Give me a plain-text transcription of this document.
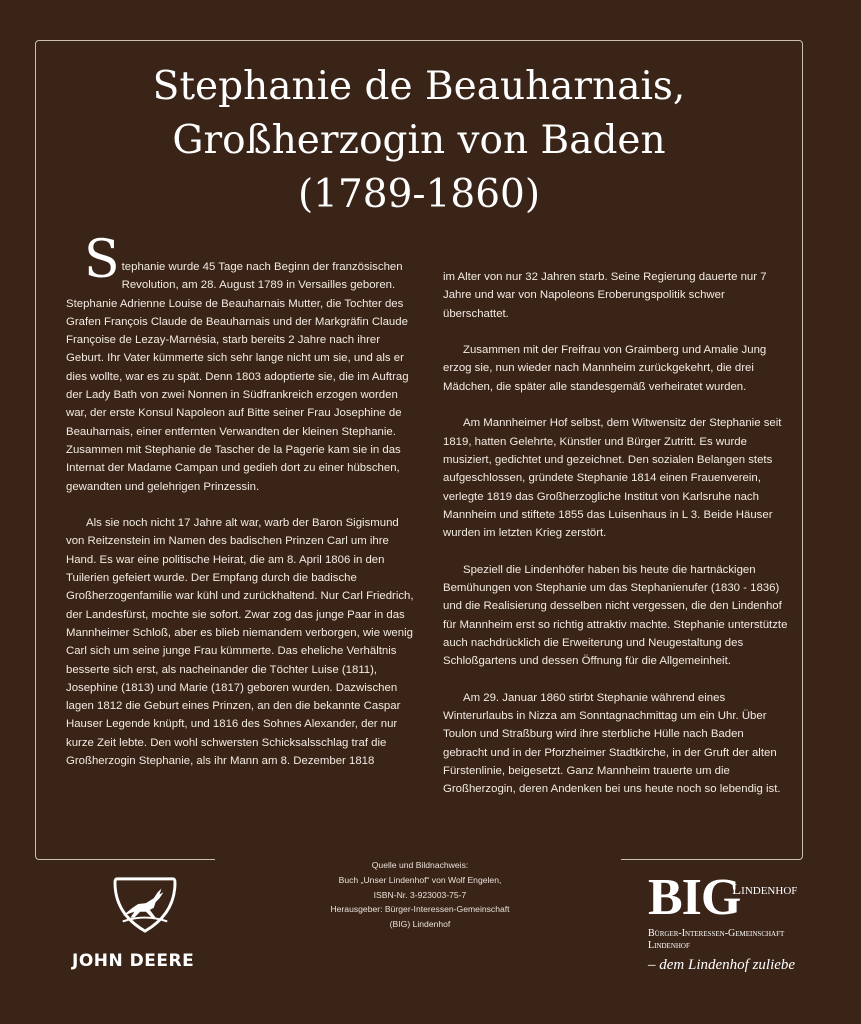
Stephanie de Beauharnais,
Großherzogin von Baden
(1789-1860)

Stephanie wurde 45 Tage nach Beginn der französischen Revolution, am 28. August 1789 in Versailles geboren. Stephanie Adrienne Louise de Beauharnais Mutter, die Tochter des Grafen François Claude de Beauharnais und der Markgräfin Claude Françoise de Lezay-Marnésia, starb bereits 2 Jahre nach ihrer Geburt. Ihr Vater kümmerte sich sehr lange nicht um sie, und als er dies wollte, war es zu spät. Denn 1803 adoptierte sie, die im Auftrag der Lady Bath von zwei Nonnen in Südfrankreich erzogen worden war, der erste Konsul Napoleon auf Bitte seiner Frau Josephine de Beauharnais, einer entfernten Verwandten der kleinen Stephanie. Zusammen mit Stephanie de Tascher de la Pagerie kam sie in das Internat der Madame Campan und gedieh dort zu einer hübschen, gewandten und gelehrigen Prinzessin.

Als sie noch nicht 17 Jahre alt war, warb der Baron Sigismund von Reitzenstein im Namen des badischen Prinzen Carl um ihre Hand. Es war eine politische Heirat, die am 8. April 1806 in den Tuilerien gefeiert wurde. Der Empfang durch die badische Großherzogenfamilie war kühl und zurückhaltend. Nur Carl Friedrich, der Landesfürst, mochte sie sofort. Zwar zog das junge Paar in das Mannheimer Schloß, aber es blieb niemandem verborgen, wie wenig Carl sich um seine junge Frau kümmerte. Das eheliche Verhältnis besserte sich erst, als nacheinander die Töchter Luise (1811), Josephine (1813) und Marie (1817) geboren wurden. Dazwischen lagen 1812 die Geburt eines Prinzen, an den die bekannte Caspar Hauser Legende knüpft, und 1816 des Sohnes Alexander, der nur kurze Zeit lebte. Den wohl schwersten Schicksalsschlag traf die Großherzogin Stephanie, als ihr Mann am 8. Dezember 1818

im Alter von nur 32 Jahren starb. Seine Regierung dauerte nur 7 Jahre und war von Napoleons Eroberungspolitik schwer überschattet.

Zusammen mit der Freifrau von Graimberg und Amalie Jung erzog sie, nun wieder nach Mannheim zurückgekehrt, die drei Mädchen, die später alle standesgemäß verheiratet wurden.

Am Mannheimer Hof selbst, dem Witwensitz der Stephanie seit 1819, hatten Gelehrte, Künstler und Bürger Zutritt. Es wurde musiziert, gedichtet und gezeichnet. Den sozialen Belangen stets aufgeschlossen, gründete Stephanie 1814 einen Frauenverein, verlegte 1819 das Großherzogliche Institut von Karlsruhe nach Mannheim und stiftete 1855 das Luisenhaus in L 3. Beide Häuser wurden im letzten Krieg zerstört.

Speziell die Lindenhöfer haben bis heute die hartnäckigen Bemühungen von Stephanie um das Stephanienufer (1830 - 1836) und die Realisierung desselben nicht vergessen, die den Lindenhof für Mannheim erst so richtig attraktiv machte. Stephanie unterstützte auch nachdrücklich die Erweiterung und Neugestaltung des Schloßgartens und dessen Öffnung für die Allgemeinheit.

Am 29. Januar 1860 stirbt Stephanie während eines Winterurlaubs in Nizza am Sonntagnachmittag um ein Uhr. Über Toulon und Straßburg wird ihre sterbliche Hülle nach Baden gebracht und in der Pforzheimer Stadtkirche, in der Gruft der alten Fürstenlinie, beigesetzt. Ganz Mannheim trauerte um die Großherzogin, deren Andenken bei uns heute noch so lebendig ist.

Quelle und Bildnachweis:
Buch „Unser Lindenhof“ von Wolf Engelen,
ISBN-Nr. 3-923003-75-7
Herausgeber: Bürger-Interessen-Gemeinschaft
(BIG) Lindenhof

JOHN DEERE

BIG

Lindenhof

Bürger-Interessen-Gemeinschaft

Lindenhof

– dem Lindenhof zuliebe
